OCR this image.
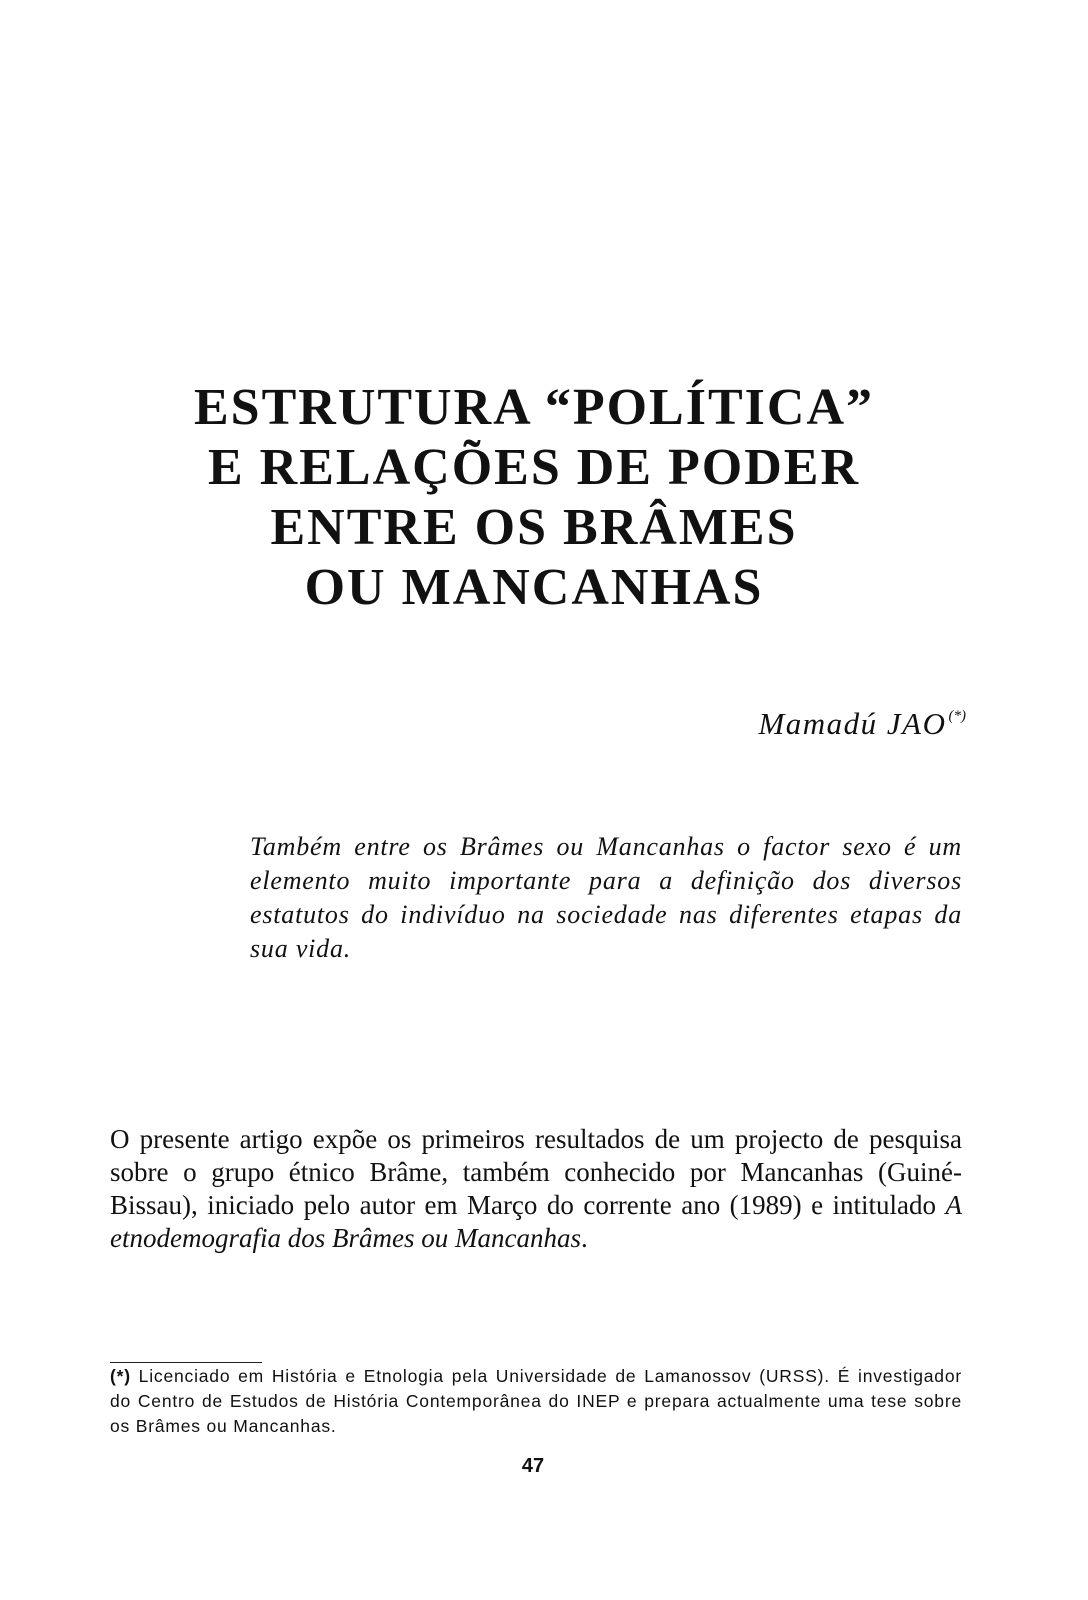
ESTRUTURA “POLÍTICA”
E RELAÇÕES DE PODER
ENTRE OS BRÂMES
OU MANCANHAS
Mamadú JAO (*)

Também entre os Brâmes ou Mancanhas o factor sexo é um elemento muito importante para a definição dos diversos estatutos do indivíduo na sociedade nas diferentes etapas da sua vida.

O presente artigo expõe os primeiros resultados de um projecto de pesquisa sobre o grupo étnico Brâme, também conhecido por Mancanhas (Guiné-Bissau), iniciado pelo autor em Março do corrente ano (1989) e intitulado A etnodemografia dos Brâmes ou Mancanhas.

(*) Licenciado em História e Etnologia pela Universidade de Lamanossov (URSS). É investigador do Centro de Estudos de História Contemporânea do INEP e prepara actualmente uma tese sobre os Brâmes ou Mancanhas.

47
